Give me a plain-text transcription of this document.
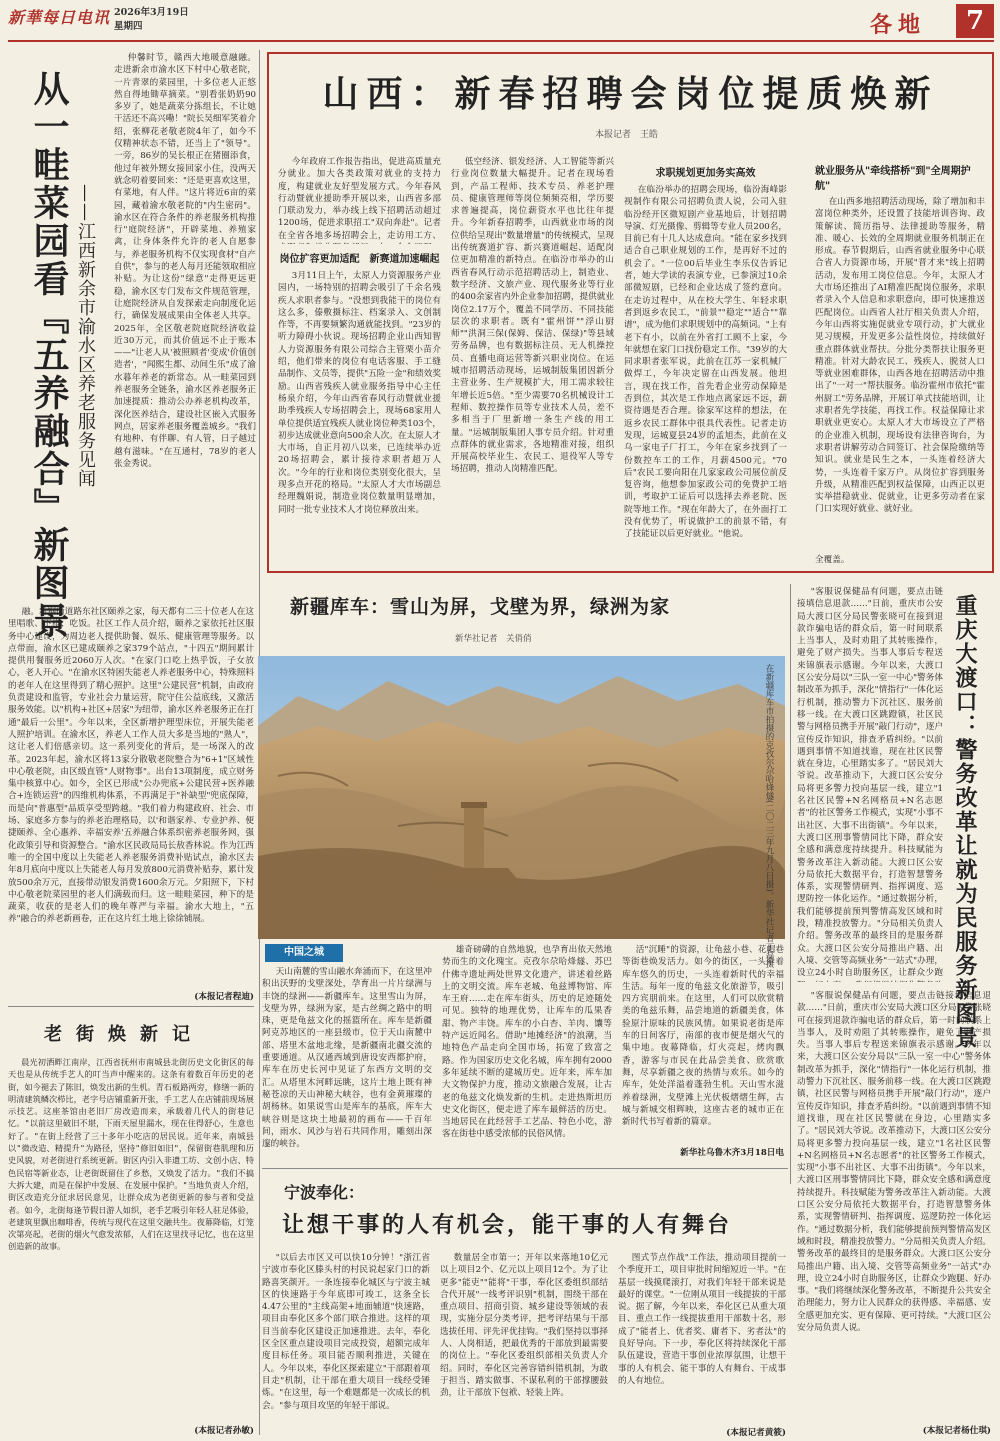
新華每日电讯 2026年3月19日
星期四	各地	7
从一畦菜园看『五养融合』新图景 ——江西新余市渝水区养老服务见闻

仲馨时节，赣西大地暖意融融。走进新余市渝水区下村中心敬老院，一片青翠的菜园里，十多位老人正悠然自得地锄草摘菜。"别看张奶奶90多岁了，她是蔬菜分拣组长，不让她干活还不高兴嘞！"院长吴细军笑着介绍，张柳花老敬老院4年了，如今不仅精神状态不错，还当上了"领导"。一旁，86岁的吴长根正在猪圈添食，他过年被外甥女接回家小住，没两天就念叨着要回来："还是更喜欢这里，有菜地，有人伴。"这片将近6亩的菜园，藏着渝水敬老院的"内生密码"。渝水区在符合条件的养老服务机构推行"庭院经济"，开辟菜地、养殖家禽，让身体条件允许的老人自愿参与，养老服务机构不仅实现食材"自产自供"，参与的老人每月还能领取相应补贴。为让这份"绿意"走得更远更稳，渝水区专门发布文件规范管理，让庭院经济从自发探索走向制度化运行，确保发展成果由全体老人共享。2025年，全区敬老院庭院经济收益近30万元，而其价值远不止于账本——"让老人从'被照顾者'变成'价值创造者'，"闻熙生都、动间生乐"成了渝水暮年养老的新常态。从一畦菜园到养老服务全链条，渝水区养老服务正加速提质：推动公办养老机构改革，深化医养结合，建设社区嵌入式服务网点，居家养老服务覆盖城乡。"我们有地种、有伴聊、有人管，日子越过越有滋味。"在互通村，78岁的老人张金秀说。

融。新钢街道路东社区颐养之家，每天都有二三十位老人在这里唱歌、下棋、吃饭。社区工作人员介绍，颐养之家依托社区服务中心建设，为周边老人提供助餐、娱乐、健康管理等服务。以点带面，渝水区已建成颐养之家379个站点，"十四五"期间累计提供用餐服务近2060万人次。"在家门口吃上热乎饭，子女放心，老人开心。"在渝水区特困失能老人养老服务中心，特殊照料的老年人在这里得到了精心照护。这里"公建民营"机制，由政府负责建设和监管，专业社会力量运营，院守住公益底线，又激活服务效能。以"机构+社区+居家"为纽带，渝水区养老服务正在打通"最后一公里"。今年以来，全区新增护理型床位，开展失能老人照护培训。在渝水区，养老人工作人员大多是当地的"熟人"，这让老人们倍感亲切。这一系列变化的背后，是一场深入的改革。2023年起，渝水区将13家分散敬老院整合为"6+1"区域性中心敬老院，由区级直管"人财物事"。出台13项制度，成立财务集中核算中心。如今，全区已形成"公办兜底+公建民营+医养融合+连锁运营"的四维机构体系，不再满足于"补缺型"兜底保障，而是向"普惠型"品质享受型跨越。"我们着力构建政府、社会、市场、家庭多方参与的养老治理格局，以'和谐家养、专业护养、便捷颐养、全心惠养、幸福安养'五养融合体系织密养老服务网，强化政策引导和资源整合。"渝水区民政局局长敖香林说。作为江西唯一的全国中度以上失能老人养老服务消费补贴试点，渝水区去年8月底向中度以上失能老人每月发放800元消费补贴券，累计发放500余万元，直接带动银发消费1600余万元。夕阳照下，下村中心敬老院菜园里的老人们满载而归。这一畦畦菜园，种下的是蔬菜，收获的是老人们的晚年尊严与幸福。渝水大地上，"五养"融合的养老新画卷，正在这片红土地上徐徐铺展。

(本报记者程迪)
老街焕新记

晨光初洒畔江南岸，江西省抚州市南城县北街历史文化街区的每天也是从传统手艺人的叮当声中醒来的。这条有着数百年历史的老街，如今褪去了陈旧，焕发出新的生机。青石板路两旁，修缮一新的明清建筑鳞次栉比，老字号店铺重新开张，手工艺人在店铺前现场展示技艺。这座茶馆由老旧厂房改造而来，承载着几代人的街巷记忆。"以前这里破旧不堪，下雨天屋里漏水，现在住得舒心，生意也好了。"在街上经营了三十多年小吃店的居民说。近年来，南城县以"微改造、精提升"为路径，坚持"修旧如旧"，保留街巷肌理和历史风貌，对老街进行系统更新。街区内引入非遗工坊、文创小店、特色民宿等新业态，让老街既留住了乡愁，又焕发了活力。"我们不搞大拆大建，而是在保护中发展、在发展中保护。"当地负责人介绍，街区改造充分征求居民意见，让群众成为老街更新的参与者和受益者。如今，北街每逢节假日游人如织，老手艺吸引年轻人驻足体验，老建筑里飘出咖啡香，传统与现代在这里交融共生。夜幕降临，灯笼次第亮起，老街的烟火气愈发浓郁，人们在这里找寻记忆，也在这里创造新的故事。

(本报记者孙敏)
山西：新春招聘会岗位提质焕新
本报记者　王皓

今年政府工作报告指出，促进高质量充分就业。加大各类政策对就业的支持力度，构建就业友好型发展方式。今年春风行动暨就业援助季开展以来，山西省多部门联动发力，举办线上线下招聘活动超过1200场，促进求职招工"双向奔赴"。记者在全省各地多场招聘会上，走访用工方、

岗位扩容更加适配　新赛道加速崛起

3月11日上午，太原人力资源服务产业园内，一场特别的招聘会吸引了千余名残疾人求职者参与。"没想到我能干的岗位有这么多，傣敷摄标注、档案录入、文创制作等，不再要频繁沟通就能找到。"23岁的听力障碍小伙说。现场招聘企业山西知智人力资源服务有限公司综合主管栗小苗介绍，他们带来的岗位有电话客服、手工缝品制作、文员等，提供"五险一金"和绩效奖励。山西省残疾人就业服务指导中心主任杨泉介绍，今年山西省春风行动暨就业援助季残疾人专场招聘会上，现场68家用人单位提供适宜残疾人就业岗位种类103个，初步达成就业意向500余人次。在太原人才大市场，自正月初八以来，已连续举办近20场招聘会，累计接待求职者超万人次。"今年的行业和岗位类别变化很大，呈现多点开花的格局。"太原人才大市场副总经理魏娟说，制造业岗位数量明显增加，同时一批专业技术人才岗位释放出来。

低空经济、银发经济、人工智能等新兴行业岗位数量大幅提升。记者在现场看到，产品工程师、技术专员、养老护理员、健康管理师等岗位频频亮相，学历要求普遍提高，岗位薪资水平也比往年提升。今年新春招聘季，山西就业市场的岗位供给呈现出"数量增量"的传统模式，呈现出传统赛道扩容、新兴赛道崛起、适配岗位更加精准的新特点。在临汾市举办的山西省春风行动示范招聘活动上，制造业、数字经济、文旅产业、现代服务业等行业的400余家省内外企业参加招聘，提供就业岗位2.17万个，覆盖不同学历、不同技能层次的求职者。既有"霍州饼""浮山厨师""洪洞三保(保姆、保洁、保绿)"等县域劳务品牌，也有数据标注员、无人机操控员、直播电商运营等新兴职业岗位。在运城市招聘活动现场，运城制版集团因新分主营业务、生产规模扩大，用工需求较往年增长近5倍。"至少需要70名机械设计工程师、数控操作员等专业技术人员，差不多相当于厂里新增一条生产线的用工量。"运城制版集团人事专员介绍。针对重点群体的就业需求，各地精准对接，组织开展高校毕业生、农民工、退役军人等专场招聘，推动人岗精准匹配。

求职规划更加务实高效

在临汾举办的招聘会现场，临汾海峰影视制作有限公司招聘负责人说，公司入驻临汾经开区微短剧产业基地后，计划招聘导演、灯光摄像、剪辑等专业人员200名，目前已有十几人达成意向。"能在家乡找到适合自己职业规划的工作，是再好不过的机会了。"一位00后毕业生李乐仪告诉记者，她大学读的表演专业，已参演过10余部微短剧，已经和企业达成了签约意向。在走访过程中，从在校大学生、年轻求职者到返乡农民工，"前景""稳定""适合""靠谱"，成为他们求职规划中的高频词。"上有老下有小，以前在外省打工顾不上家，今年就想在家门口找份稳定工作。"39岁的大同求职者张军说，此前在江苏一家机械厂做焊工，今年决定留在山西发展。他坦言，现在找工作，首先看企业劳动保障是否到位，其次是工作地点离家远不远，薪资待遇是否合理。徐家军这样的想法，在返乡农民工群体中很具代表性。记者走访发现，运城夏县24岁的孟旭杰，此前在义乌一家电子厂打工，今年在家乡找到了一份数控车工的工作，月薪4500元。"70后"农民工要向阳在几家家政公司展位前反复咨询，他想参加家政公司的免费护工培训，考取护工证后可以选择去养老院、医院等地工作。"现在年龄大了，在外面打工没有优势了，听说做护工的前景不错，有了技能证以后更好就业。"他说。

就业服务从"牵线搭桥"到"全周期护航"

在山西多地招聘活动现场，除了增加和丰富岗位种类外，还设置了技能培训咨询、政策解读、简历指导、法律援助等服务，精准、暖心、长效的全周期就业服务机制正在形成。春节假期后，山西省就业服务中心联合省人力资源市场，开展"晋才来"线上招聘活动，发布用工岗位信息。今年，太原人才大市场还推出了AI精准匹配岗位服务，求职者录入个人信息和求职意向，即可快速推送匹配岗位。山西省人社厅相关负责人介绍，今年山西将实施促就业专项行动，扩大就业见习规模，开发更多公益性岗位，持续做好重点群体就业帮扶。分批分类帮扶让服务更精准。针对大龄农民工、残疾人、脱贫人口等就业困难群体，山西各地在招聘活动中推出了"一对一"帮扶服务。临汾霍州市依托"霍州厨工"劳务品牌，开展订单式技能培训，让求职者先学技能，再找工作。权益保障让求职就业更安心。太原人才大市场设立了严格的企业准入机制，现场设有法律咨询台，为求职者讲解劳动合同签订、社会保险缴纳等知识。就业是民生之本，一头连着经济大势，一头连着千家万户。从岗位扩容到服务升级，从精准匹配到权益保障，山西正以更实举措稳就业、促就业，让更多劳动者在家门口实现好就业、就好业。

全覆盖。
新疆库车：雪山为屏，戈壁为界，绿洲为家
新华社记者　关俏俏
在新疆库车市拍摄的克孜尔尕哈烽燧(二〇二三年九月八日摄)。新华社记者丁磊摄
中国之城

天山南麓的雪山融水奔涌而下，在这里冲积出沃野的戈壁深处，孕育出一片片绿洲与丰饶的绿洲——新疆库车。这里雪山为屏，戈壁为界，绿洲为家，是古丝绸之路中的明珠，更是龟兹文化的摇篮所在。库车是新疆阿克苏地区的一座县级市，位于天山南麓中部、塔里木盆地北缘，是新疆南北疆交流的重要通道。从汉通西域到唐设安西都护府，库车在历史长河中见证了东西方文明的交汇。从塔里木河畔远眺，这片土地上既有神秘苍凉的天山神秘大峡谷，也有金黄璀璨的胡杨林。如果说雪山是库车的基底，库车大峡谷则是这块土地最初的画布——千百年间，雨水、风沙与岩石共同作用，雕刻出深邃的峡谷。

雄奇磅礴的自然地貌，也孕育出依天然地势而生的文化瑰宝。克孜尔尕哈烽燧、苏巴什佛寺遗址两处世界文化遗产，讲述着丝路上的文明交流。库车老城、龟兹博物馆、库车王府……走在库车街头，历史的足迹随处可见。独特的地理优势，让库车的瓜果香甜、物产丰饶。库车的小白杏、羊肉、馕等特产远近闻名。借助"地摊经济"的浪潮，当地特色产品走向全国市场，拓宽了致富之路。作为国家历史文化名城，库车拥有2000多年延续不断的建城历史。近年来，库车加大文物保护力度，推动文旅融合发展，让古老的龟兹文化焕发新的生机。走进热斯坦历史文化街区，便走进了库车最鲜活的历史。当地居民在此经营手工艺品、特色小吃，游客在街巷中感受浓郁的民俗风情。

活"沉睡"的资源，让龟兹小巷、花帽巷等街巷焕发活力。如今的街区，一头牵着库车悠久的历史，一头连着新时代的幸福生活。每年一度的龟兹文化旅游节，吸引四方宾朋前来。在这里，人们可以欣赏精美的龟兹乐舞，品尝地道的新疆美食，体验原汁原味的民族风情。如果说老街是库车的日间客厅，南部的夜市便是烟火气的集中地。夜幕降临，灯火亮起，烤肉飘香，游客与市民在此品尝美食、欣赏歌舞，尽享新疆之夜的热情与欢乐。如今的库车，处处洋溢着蓬勃生机。天山雪水滋养着绿洲，戈壁滩上光伏板熠熠生辉，古城与新城交相辉映，这座古老的城市正在新时代书写着新的篇章。

新华社乌鲁木齐3月18日电
重庆大渡口：警务改革让就为民服务新图景

"客服说保健品有问题，要点击链接填信息退款……"日前，重庆市公安局大渡口区分局民警张晓可在接到退款诈骗电话的群众后，第一时间联系上当事人，及时劝阻了其转账操作，避免了财产损失。当事人事后专程送来锦旗表示感谢。今年以来，大渡口区公安分局以"三队一室一中心"警务体制改革为抓手，深化"情指行"一体化运行机制，推动警力下沉社区、服务前移一线。在大渡口区跳蹬镇，社区民警与网格员携手开展"敲门行动"，逐户宣传反诈知识，排查矛盾纠纷。"以前遇到事情不知道找谁，现在社区民警就在身边，心里踏实多了。"居民刘大爷说。改革推动下，大渡口区公安分局将更多警力投向基层一线，建立"1名社区民警+N名网格员+N名志愿者"的社区警务工作模式，实现"小事不出社区、大事不出街镇"。今年以来，大渡口区刑事警情同比下降，群众安全感和满意度持续提升。科技赋能为警务改革注入新动能。大渡口区公安分局依托大数据平台，打造智慧警务体系，实现警情研判、指挥调度、巡逻防控一体化运作。"通过数据分析，我们能够提前预判警情高发区域和时段，精准投放警力。"分局相关负责人介绍。警务改革的最终目的是服务群众。大渡口区公安分局推出户籍、出入境、交管等高频业务"一站式"办理，设立24小时自助服务区，让群众少跑

"客服说保健品有问题，要点击链接填信息退款……"日前，重庆市公安局大渡口区分局民警张晓可在接到退款诈骗电话的群众后，第一时间联系上当事人，及时劝阻了其转账操作，避免了财产损失。当事人事后专程送来锦旗表示感谢。今年以来，大渡口区公安分局以"三队一室一中心"警务体制改革为抓手，深化"情指行"一体化运行机制，推动警力下沉社区、服务前移一线。在大渡口区跳蹬镇，社区民警与网格员携手开展"敲门行动"，逐户宣传反诈知识，排查矛盾纠纷。"以前遇到事情不知道找谁，现在社区民警就在身边，心里踏实多了。"居民刘大爷说。改革推动下，大渡口区公安分局将更多警力投向基层一线，建立"1名社区民警+N名网格员+N名志愿者"的社区警务工作模式，实现"小事不出社区、大事不出街镇"。今年以来，大渡口区刑事警情同比下降，群众安全感和满意度持续提升。科技赋能为警务改革注入新动能。大渡口区公安分局依托大数据平台，打造智慧警务体系，实现警情研判、指挥调度、巡逻防控一体化运作。"通过数据分析，我们能够提前预判警情高发区域和时段，精准投放警力。"分局相关负责人介绍。警务改革的最终目的是服务群众。大渡口区公安分局推出户籍、出入境、交管等高频业务"一站式"办理，设立24小时自助服务区，让群众少跑腿、好办事。"我们将继续深化警务改革，不断提升公共安全治理能力，努力让人民群众的获得感、幸福感、安全感更加充实、更有保障、更可持续。"大渡口区公安分局负责人说。

(本报记者杨仕琪)
宁波奉化：
让想干事的人有机会，能干事的人有舞台

"以后去市区又可以快10分钟！"浙江省宁波市奉化区滕头村的村民说起家门口的新路喜笑颜开。一条连接奉化城区与宁波主城区的快速路于今年底即可竣工，这条全长4.47公里的"主线高架+地面辅道"快速路，项目由奉化区多个部门联合推进。这样的项目当前奉化区建设正加速推进。去年，奉化区全区重点建设项目完成投资，超额完成年度目标任务。项目能否顺利推进，关键在人。今年以来，奉化区探索建立"干部跟着项目走"机制，让干部在重大项目一线经受锤炼。"在这里，每一个难题都是一次成长的机会。"参与项目攻坚的年轻干部说。

数量居全市第一；开年以来落地10亿元以上项目2个、亿元以上项目12个。为了让更多"能吏""能将"干事，奉化区委组织部结合代开展"一线考评识别"机制，围绕干部在重点项目、招商引资、城乡建设等领域的表现，实施分层分类考评，把考评结果与干部选拔任用、评先评优挂钩。"我们坚持以事择人、人岗相适，把最优秀的干部放到最需要的岗位上。"奉化区委组织部相关负责人介绍。同时，奉化区完善容错纠错机制，为敢于担当、踏实做事、不谋私利的干部撑腰鼓劲，让干部放下包袱、轻装上阵。

图式节点作战"工作法，推动项目提前一个季度开工，项目审批时间缩短近一半。"在基层一线摸爬滚打，对我们年轻干部来说是最好的课堂。"一位刚从项目一线提拔的干部说。据了解，今年以来，奉化区已从重大项目、重点工作一线提拔重用干部数十名，形成了"能者上、优者奖、庸者下、劣者汰"的良好导向。下一步，奉化区将持续深化干部队伍建设，营造干事创业浓厚氛围，让想干事的人有机会、能干事的人有舞台、干成事的人有地位。

(本报记者黄筱)
